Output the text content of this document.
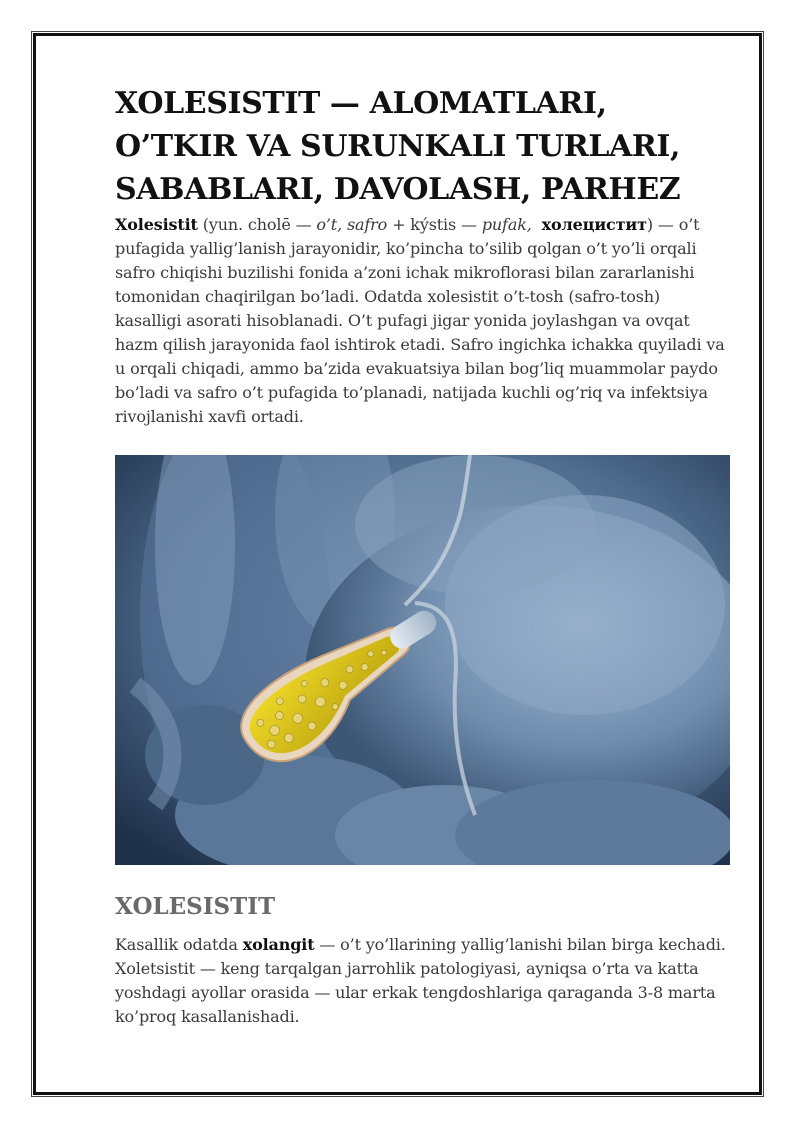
XOLESISTIT — ALOMATLARI, O’TKIR VA SURUNKALI TURLARI, SABABLARI, DAVOLASH, PARHEZ

Xolesistit (yun. cholē — o’t, safro + kýstis — pufak, холецистит) — o’t pufagida yallig’lanish jarayonidir, ko’pincha to’silib qolgan o’t yo’li orqali safro chiqishi buzilishi fonida a’zoni ichak mikroflorasi bilan zararlanishi tomonidan chaqirilgan bo’ladi. Odatda xolesistit o’t-tosh (safro-tosh) kasalligi asorati hisoblanadi. O’t pufagi jigar yonida joylashgan va ovqat hazm qilish jarayonida faol ishtirok etadi. Safro ingichka ichakka quyiladi va u orqali chiqadi, ammo ba’zida evakuatsiya bilan bog’liq muammolar paydo bo’ladi va safro o’t pufagida to’planadi, natijada kuchli og’riq va infektsiya rivojlanishi xavfi ortadi.

XOLESISTIT

Kasallik odatda xolangit — o’t yo’llarining yallig’lanishi bilan birga kechadi. Xoletsistit — keng tarqalgan jarrohlik patologiyasi, ayniqsa o’rta va katta yoshdagi ayollar orasida — ular erkak tengdoshlariga qaraganda 3-8 marta ko’proq kasallanishadi.
